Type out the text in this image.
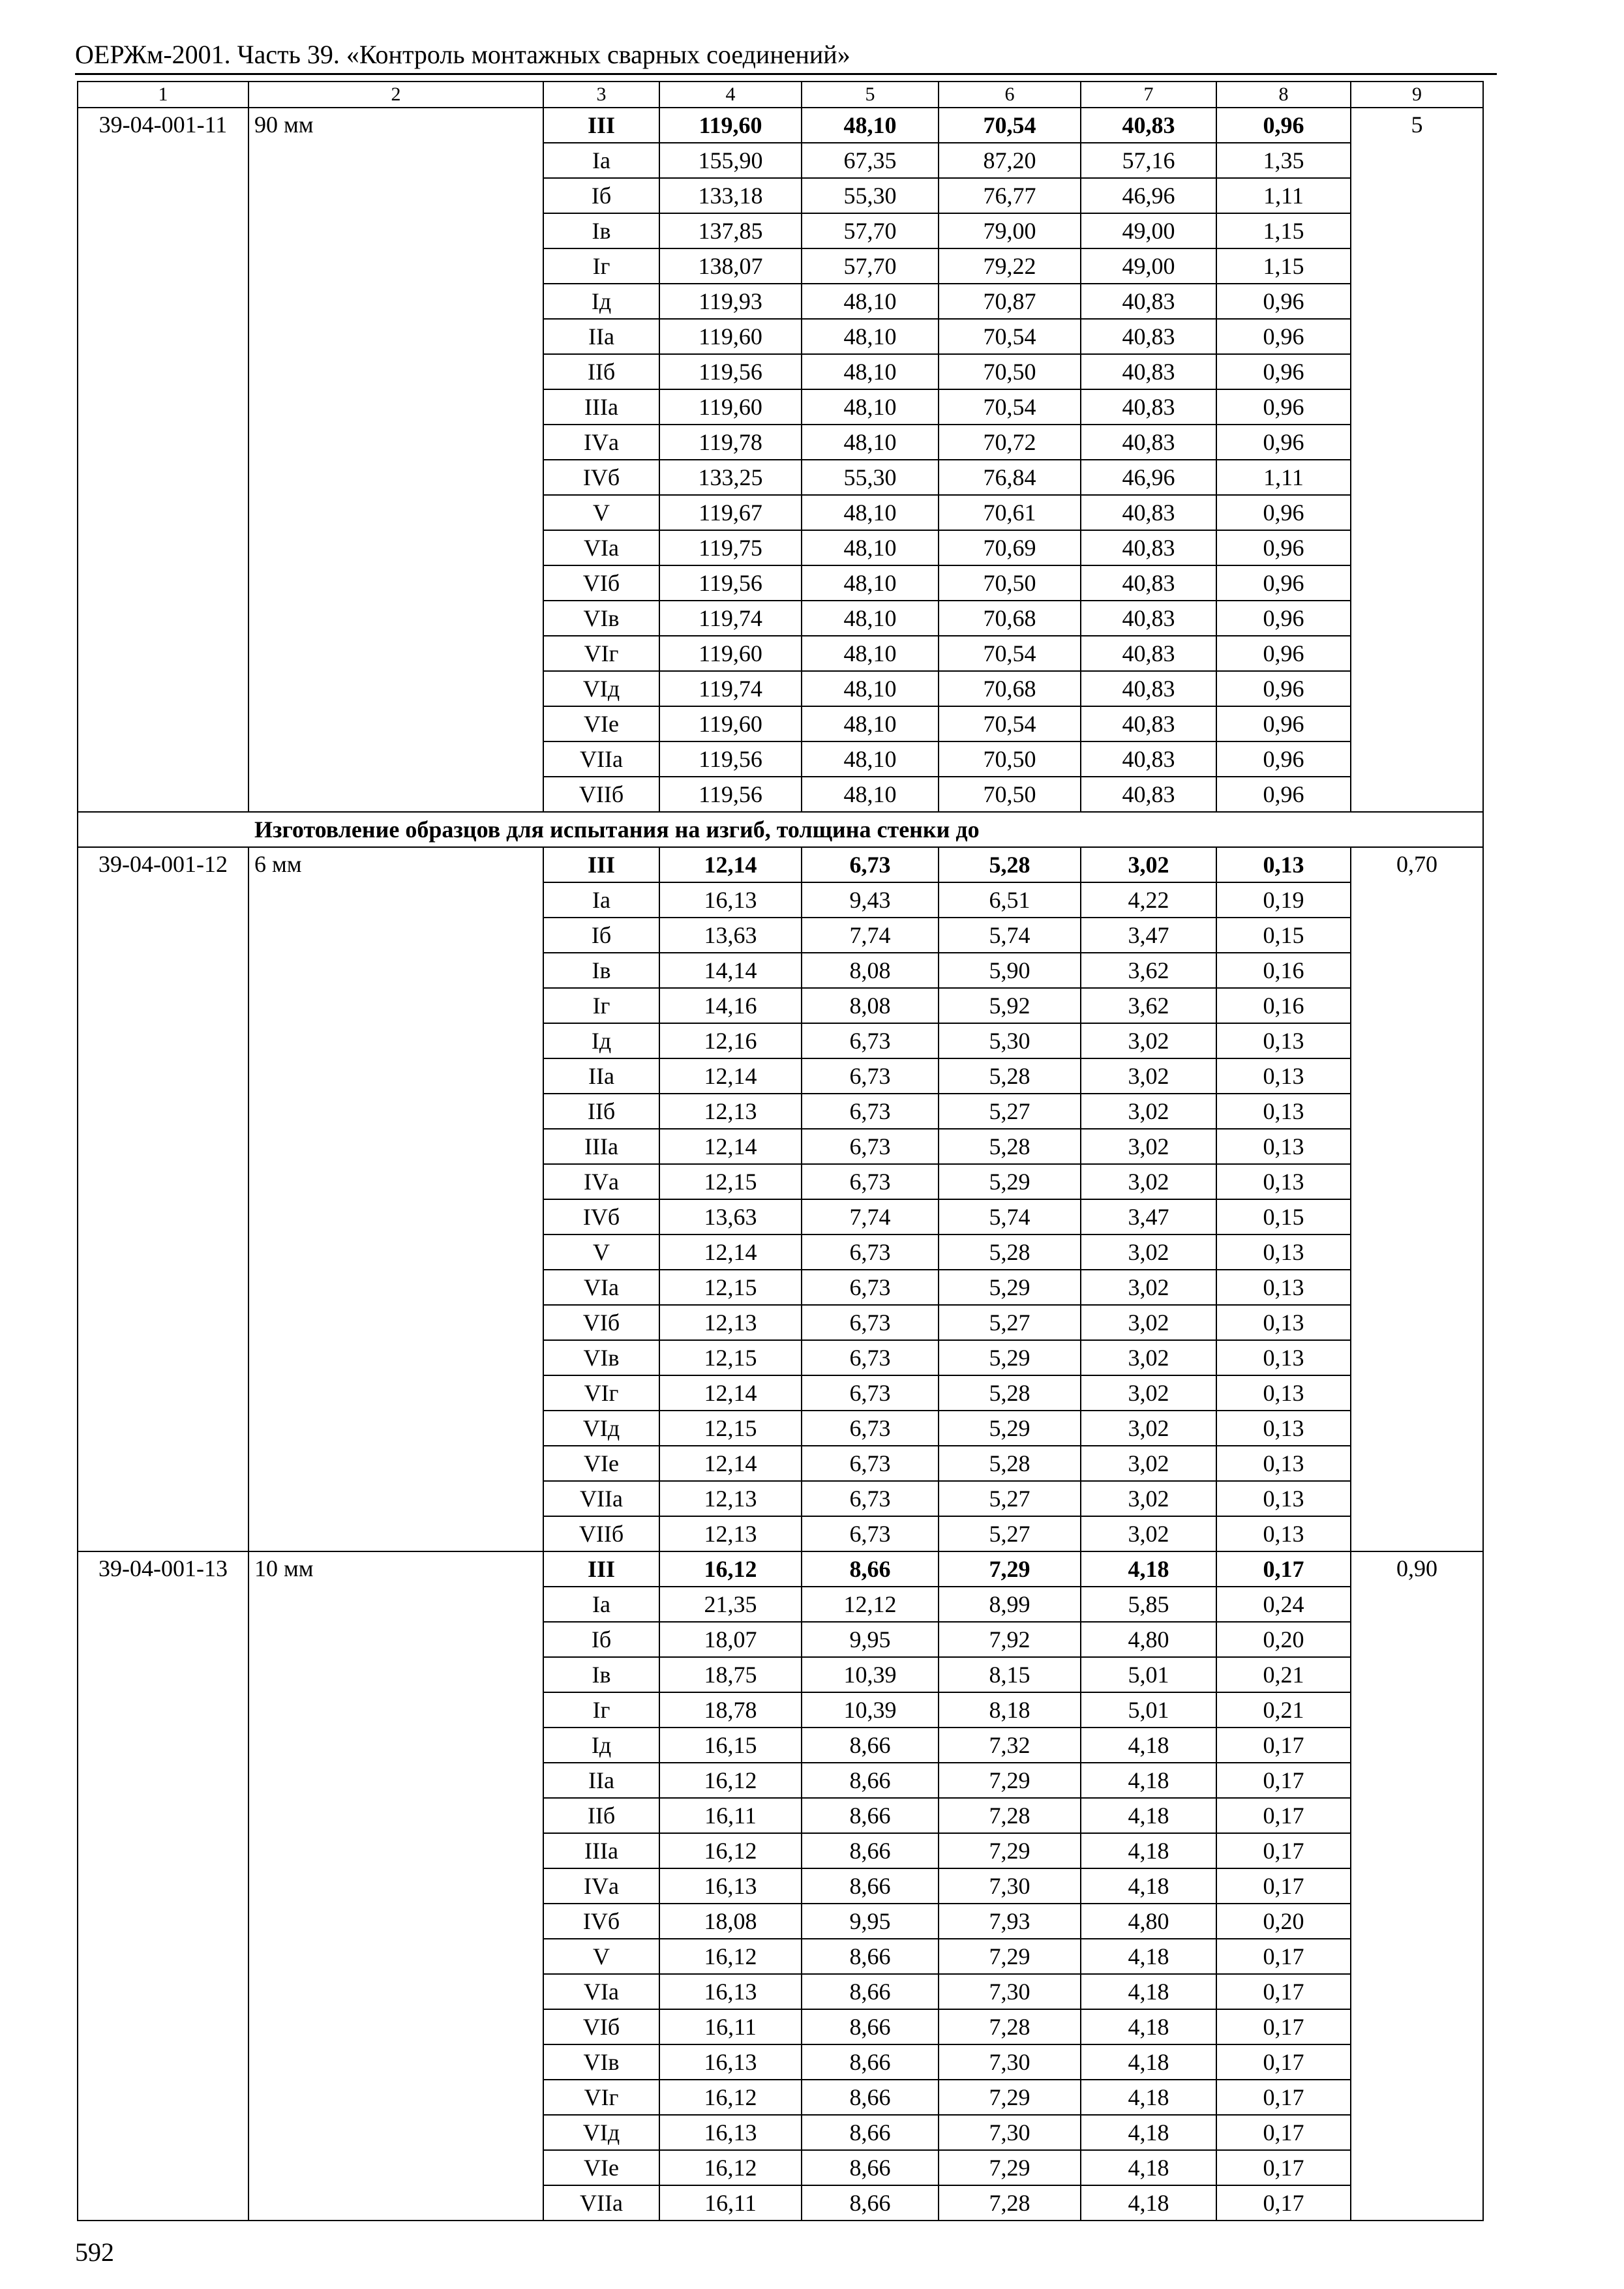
ОЕРЖм-2001. Часть 39. «Контроль монтажных сварных соединений»
1	2	3	4	5	6	7	8	9
39-04-001-11	90 мм	III	119,60	48,10	70,54	40,83	0,96	5
		Iа	155,90	67,35	87,20	57,16	1,35	
		Iб	133,18	55,30	76,77	46,96	1,11	
		Iв	137,85	57,70	79,00	49,00	1,15	
		Iг	138,07	57,70	79,22	49,00	1,15	
		Iд	119,93	48,10	70,87	40,83	0,96	
		IIа	119,60	48,10	70,54	40,83	0,96	
		IIб	119,56	48,10	70,50	40,83	0,96	
		IIIа	119,60	48,10	70,54	40,83	0,96	
		IVа	119,78	48,10	70,72	40,83	0,96	
		IVб	133,25	55,30	76,84	46,96	1,11	
		V	119,67	48,10	70,61	40,83	0,96	
		VIа	119,75	48,10	70,69	40,83	0,96	
		VIб	119,56	48,10	70,50	40,83	0,96	
		VIв	119,74	48,10	70,68	40,83	0,96	
		VIг	119,60	48,10	70,54	40,83	0,96	
		VIд	119,74	48,10	70,68	40,83	0,96	
		VIе	119,60	48,10	70,54	40,83	0,96	
		VIIа	119,56	48,10	70,50	40,83	0,96	
		VIIб	119,56	48,10	70,50	40,83	0,96	
Изготовление образцов для испытания на изгиб, толщина стенки до								
39-04-001-12	6 мм	III	12,14	6,73	5,28	3,02	0,13	0,70
		Iа	16,13	9,43	6,51	4,22	0,19	
		Iб	13,63	7,74	5,74	3,47	0,15	
		Iв	14,14	8,08	5,90	3,62	0,16	
		Iг	14,16	8,08	5,92	3,62	0,16	
		Iд	12,16	6,73	5,30	3,02	0,13	
		IIа	12,14	6,73	5,28	3,02	0,13	
		IIб	12,13	6,73	5,27	3,02	0,13	
		IIIа	12,14	6,73	5,28	3,02	0,13	
		IVа	12,15	6,73	5,29	3,02	0,13	
		IVб	13,63	7,74	5,74	3,47	0,15	
		V	12,14	6,73	5,28	3,02	0,13	
		VIа	12,15	6,73	5,29	3,02	0,13	
		VIб	12,13	6,73	5,27	3,02	0,13	
		VIв	12,15	6,73	5,29	3,02	0,13	
		VIг	12,14	6,73	5,28	3,02	0,13	
		VIд	12,15	6,73	5,29	3,02	0,13	
		VIе	12,14	6,73	5,28	3,02	0,13	
		VIIа	12,13	6,73	5,27	3,02	0,13	
		VIIб	12,13	6,73	5,27	3,02	0,13	
39-04-001-13	10 мм	III	16,12	8,66	7,29	4,18	0,17	0,90
		Iа	21,35	12,12	8,99	5,85	0,24	
		Iб	18,07	9,95	7,92	4,80	0,20	
		Iв	18,75	10,39	8,15	5,01	0,21	
		Iг	18,78	10,39	8,18	5,01	0,21	
		Iд	16,15	8,66	7,32	4,18	0,17	
		IIа	16,12	8,66	7,29	4,18	0,17	
		IIб	16,11	8,66	7,28	4,18	0,17	
		IIIа	16,12	8,66	7,29	4,18	0,17	
		IVа	16,13	8,66	7,30	4,18	0,17	
		IVб	18,08	9,95	7,93	4,80	0,20	
		V	16,12	8,66	7,29	4,18	0,17	
		VIа	16,13	8,66	7,30	4,18	0,17	
		VIб	16,11	8,66	7,28	4,18	0,17	
		VIв	16,13	8,66	7,30	4,18	0,17	
		VIг	16,12	8,66	7,29	4,18	0,17	
		VIд	16,13	8,66	7,30	4,18	0,17	
		VIе	16,12	8,66	7,29	4,18	0,17	
		VIIа	16,11	8,66	7,28	4,18	0,17	
592
